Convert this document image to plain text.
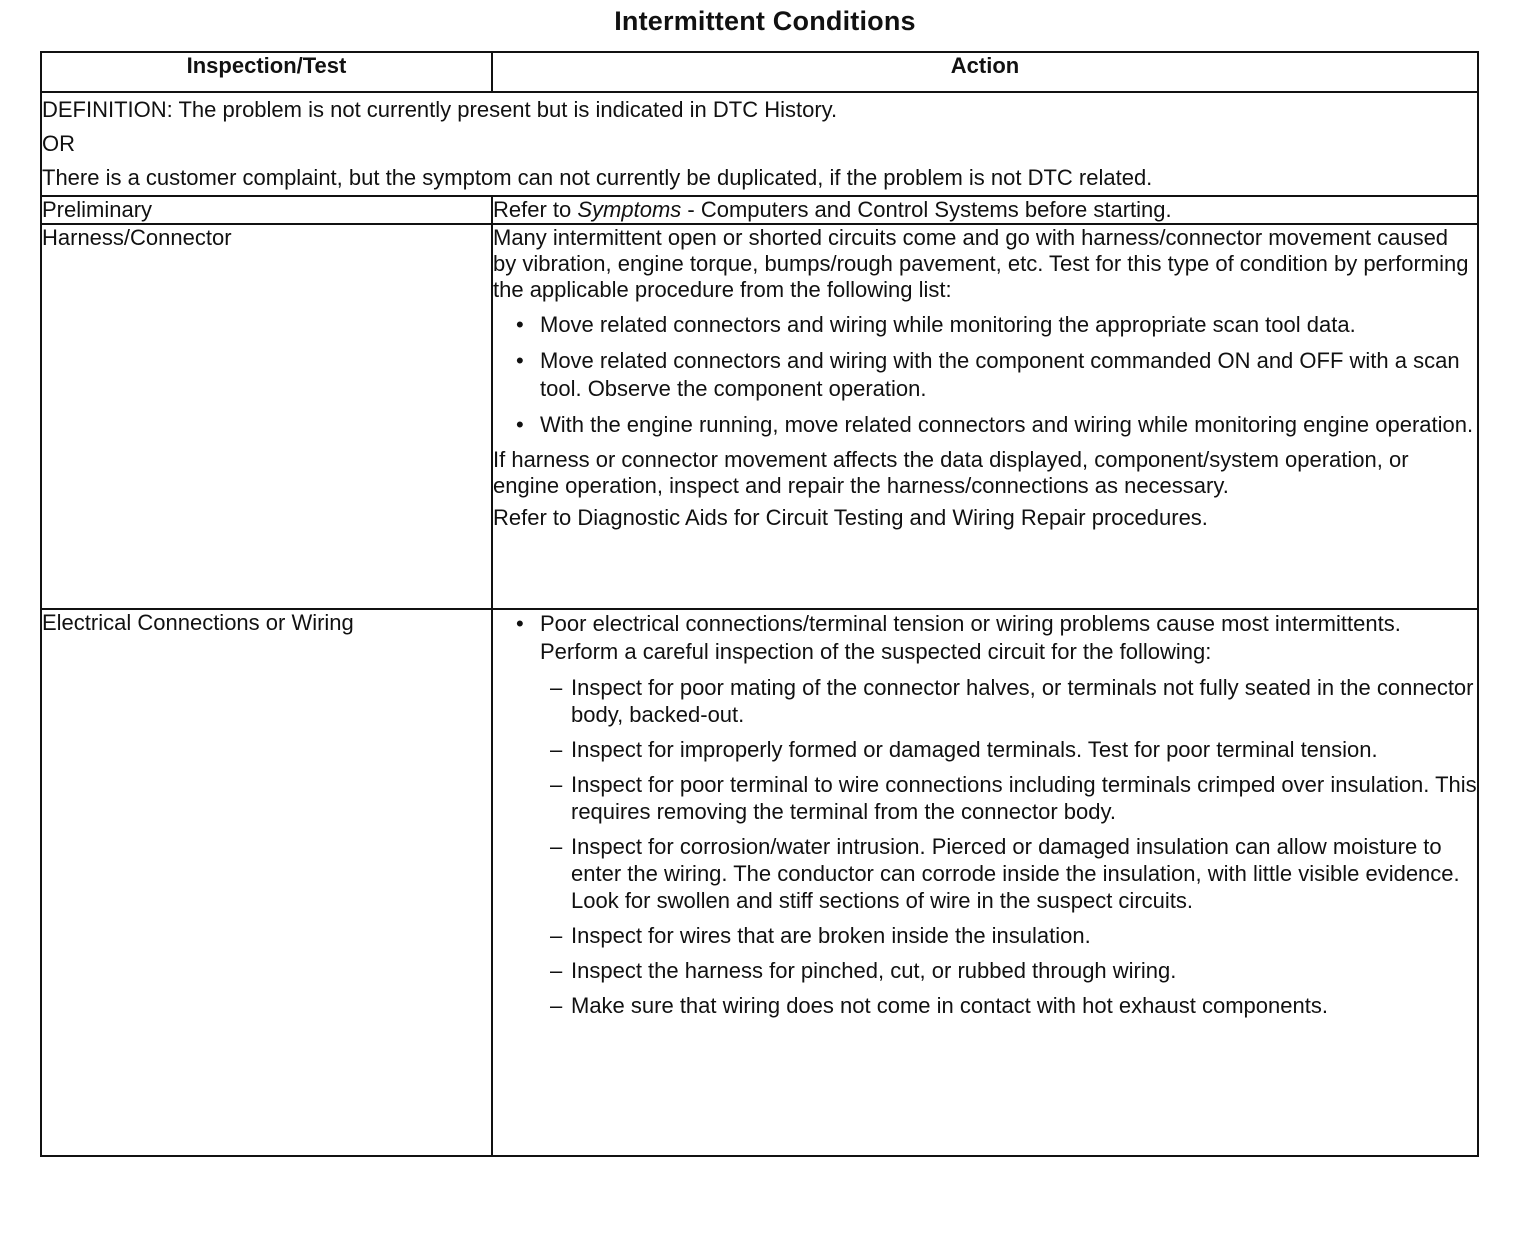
Intermittent Conditions
Inspection/Test	Action

DEFINITION: The problem is not currently present but is indicated in DTC History.

OR

There is a customer complaint, but the symptom can not currently be duplicated, if the problem is not DTC related.	

Preliminary	Refer to Symptoms - Computers and Control Systems before starting.
Harness/Connector	Many intermittent open or shorted circuits come and go with harness/connector movement caused by vibration, engine torque, bumps/rough pavement, etc. Test for this type of condition by performing the applicable procedure from the following list:

• Move related connectors and wiring while monitoring the appropriate scan tool data.
• Move related connectors and wiring with the component commanded ON and OFF with a scan tool. Observe the component operation.
• With the engine running, move related connectors and wiring while monitoring engine operation.

If harness or connector movement affects the data displayed, component/system operation, or engine operation, inspect and repair the harness/connections as necessary.

Refer to Diagnostic Aids for Circuit Testing and Wiring Repair procedures.

Electrical Connections or Wiring	• Poor electrical connections/terminal tension or wiring problems cause most intermittents. Perform a careful inspection of the suspected circuit for the following:
– Inspect for poor mating of the connector halves, or terminals not fully seated in the connector body, backed-out.
– Inspect for improperly formed or damaged terminals. Test for poor terminal tension.
– Inspect for poor terminal to wire connections including terminals crimped over insulation. This requires removing the terminal from the connector body.
– Inspect for corrosion/water intrusion. Pierced or damaged insulation can allow moisture to enter the wiring. The conductor can corrode inside the insulation, with little visible evidence. Look for swollen and stiff sections of wire in the suspect circuits.
– Inspect for wires that are broken inside the insulation.
– Inspect the harness for pinched, cut, or rubbed through wiring.
– Make sure that wiring does not come in contact with hot exhaust components.
